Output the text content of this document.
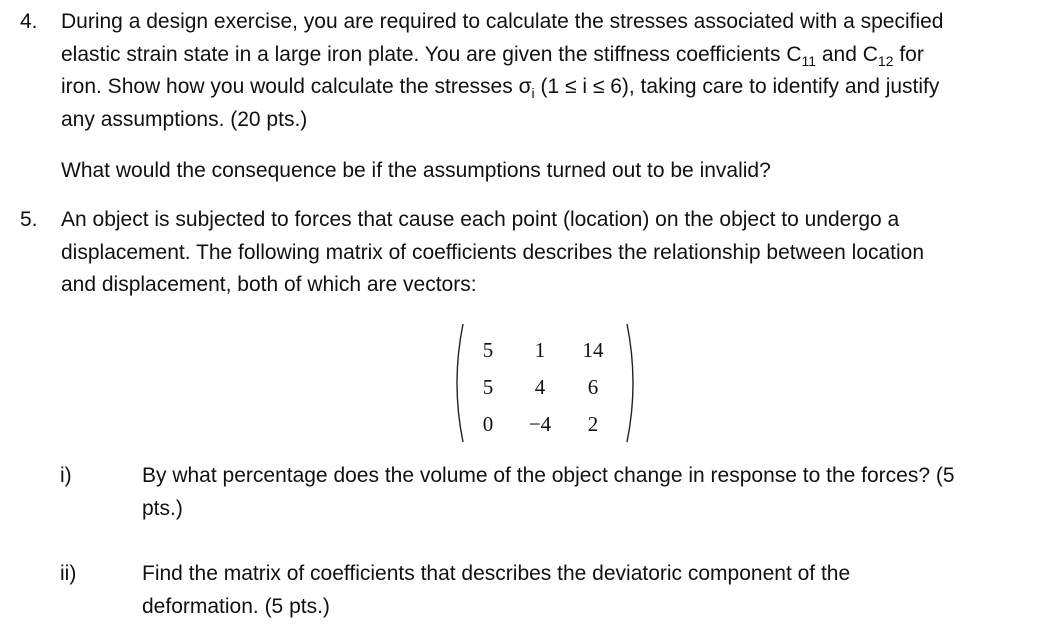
4. During a design exercise, you are required to calculate the stresses associated with a specified
elastic strain state in a large iron plate. You are given the stiffness coefficients $C_{11}$ and $C_{12}$ for
iron. Show how you would calculate the stresses $\sigma_i$ (1 ≤ i ≤ 6), taking care to identify and justify
any assumptions. (20 pts.)
What would the consequence be if the assumptions turned out to be invalid?
5. An object is subjected to forces that cause each point (location) on the object to undergo a
displacement. The following matrix of coefficients describes the relationship between location
and displacement, both of which are vectors:
5	1	14
5	4	6
0	−4	2
i)	By what percentage does the volume of the object change in response to the forces? (5
pts.)
ii)	Find the matrix of coefficients that describes the deviatoric component of the
deformation. (5 pts.)
